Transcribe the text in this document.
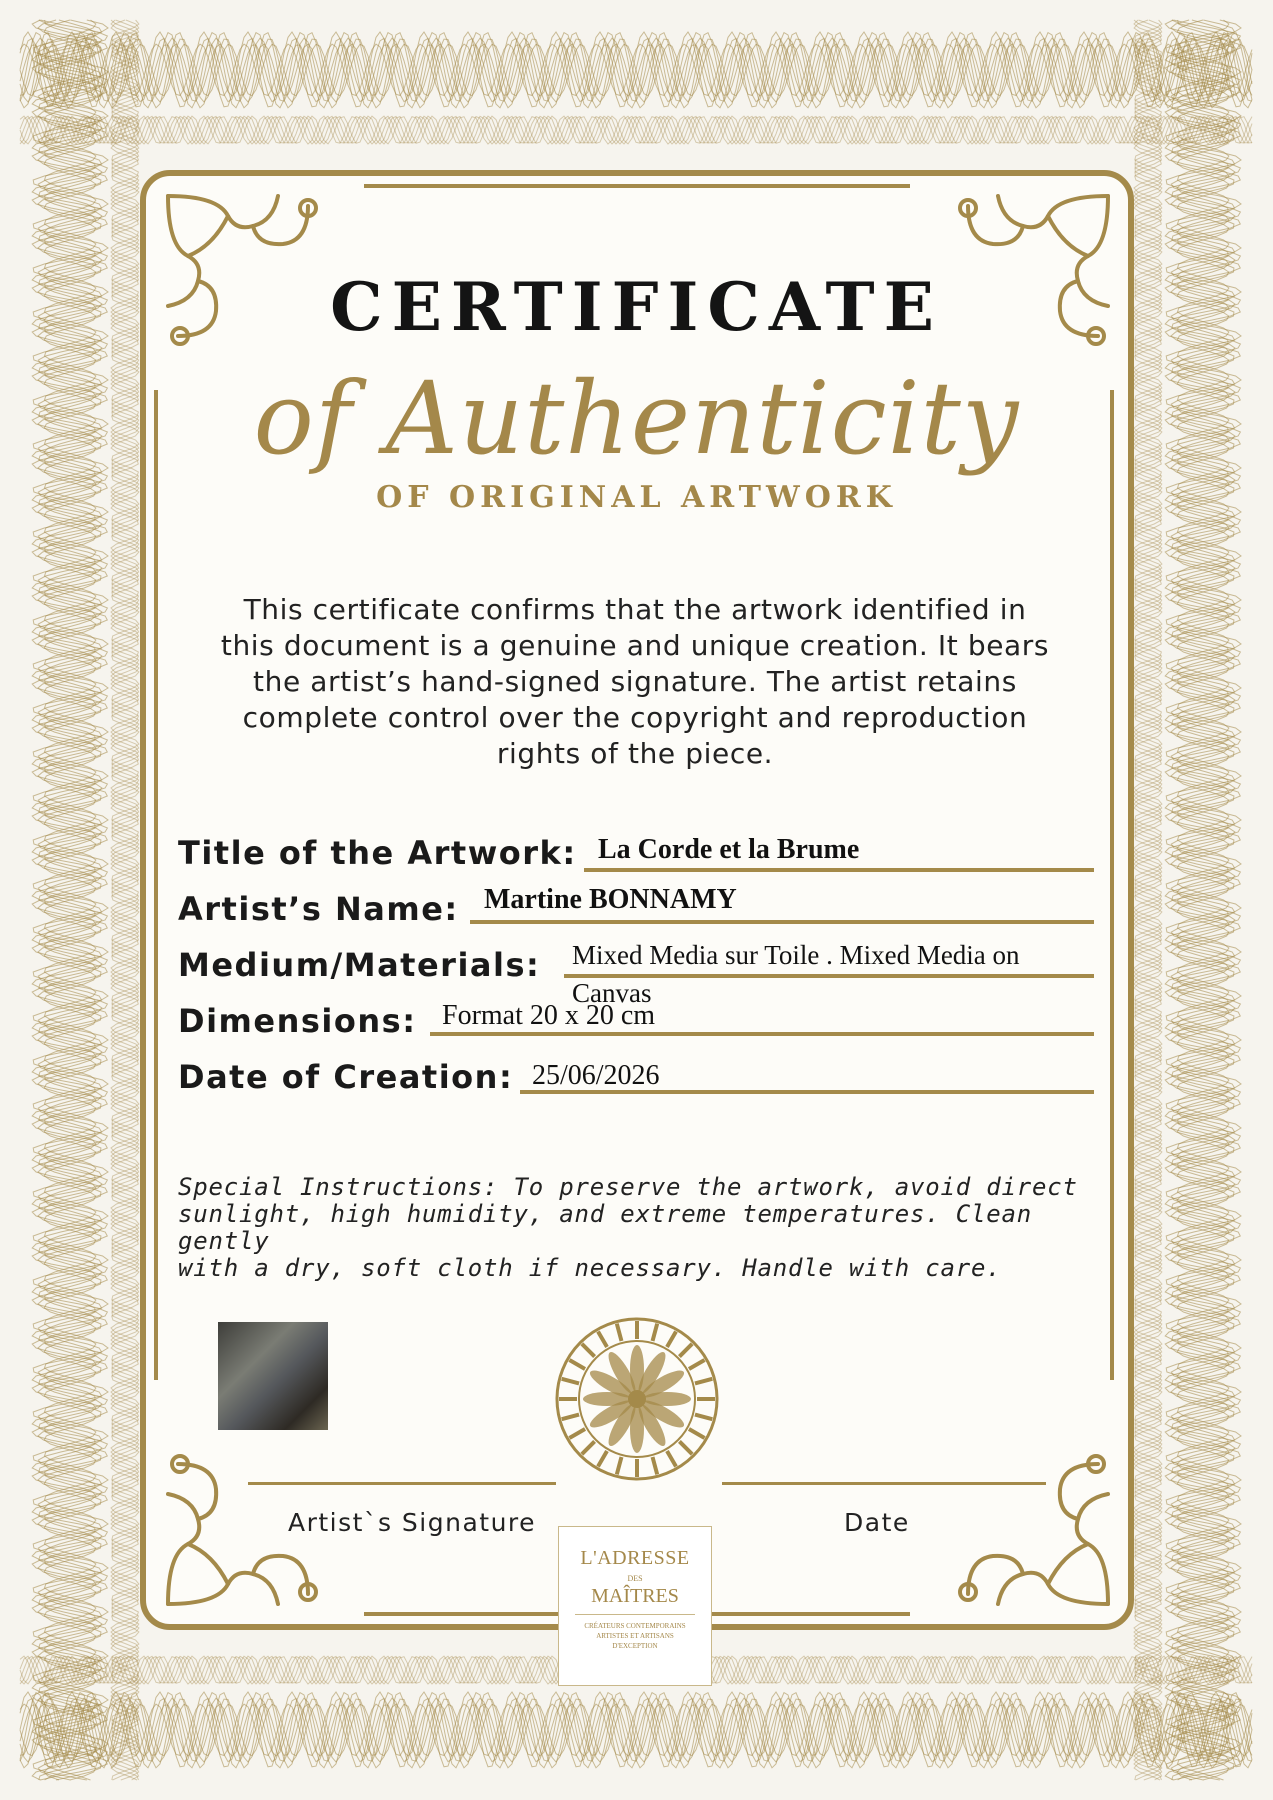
CERTIFICATE
of Authenticity
OF ORIGINAL ARTWORK
This certificate confirms that the artwork identified in
this document is a genuine and unique creation. It bears
the artist’s hand-signed signature. The artist retains
complete control over the copyright and reproduction
rights of the piece.
Title of the Artwork: La Corde et la Brume
Artist’s Name: Martine BONNAMY
Medium/Materials: Mixed Media sur Toile . Mixed Media on
Canvas
Dimensions: Format 20 x 20 cm
Date of Creation: 25/06/2026
Special Instructions: To preserve the artwork, avoid direct
sunlight, high humidity, and extreme temperatures. Clean gently
with a dry, soft cloth if necessary. Handle with care.
Artist`s Signature	Date
L'ADRESSE
DES
MAÎTRES
CRÉATEURS CONTEMPORAINS
ARTISTES ET ARTISANS
D'EXCEPTION
